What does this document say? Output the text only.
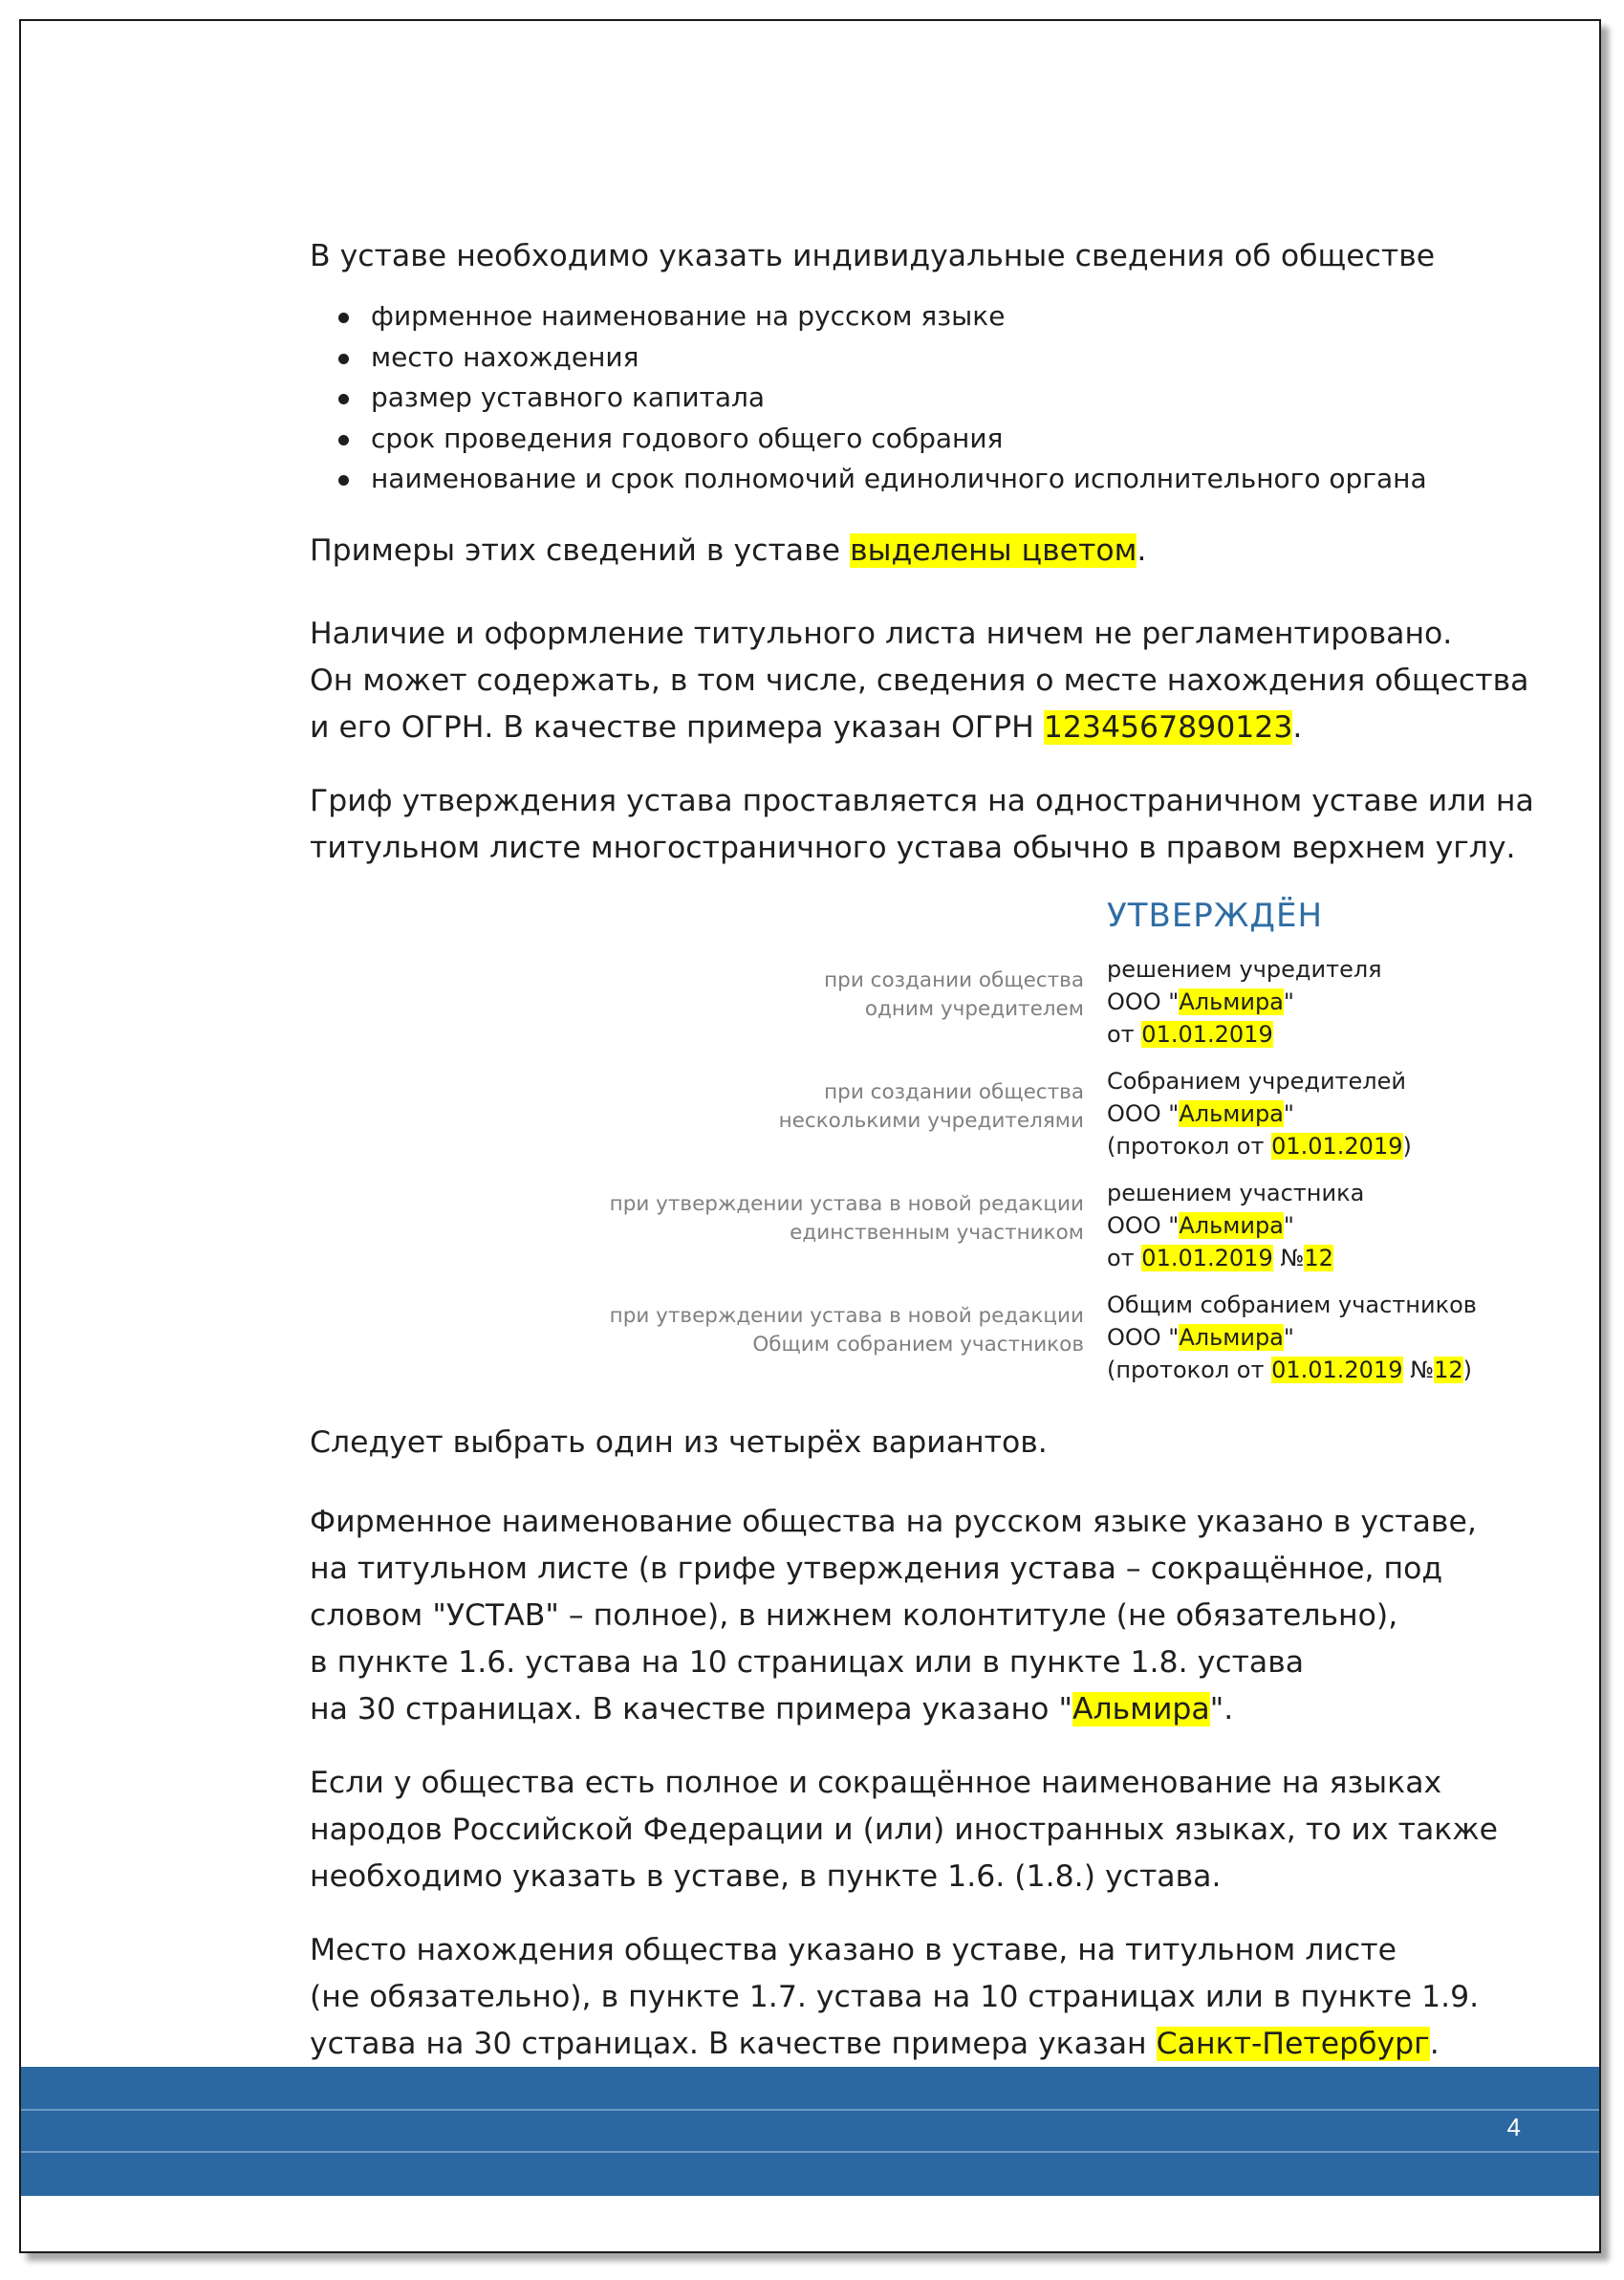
В уставе необходимо указать индивидуальные сведения об обществе

фирменное наименование на русском языке
место нахождения
размер уставного капитала
срок проведения годового общего собрания
наименование и срок полномочий единоличного исполнительного органа

Примеры этих сведений в уставе выделены цветом.

Наличие и оформление титульного листа ничем не регламентировано.

Он может содержать, в том числе, сведения о месте нахождения общества

и его ОГРН. В качестве примера указан ОГРН 1234567890123.

Гриф утверждения устава проставляется на одностраничном уставе или на

титульном листе многостраничного устава обычно в правом верхнем углу.

УТВЕРЖДЁН
при создании общества
одним учредителем
решением учредителя
ООО "Альмира"
от 01.01.2019
при создании общества
несколькими учредителями
Собранием учредителей
ООО "Альмира"
(протокол от 01.01.2019)
при утверждении устава в новой редакции
единственным участником
решением участника
ООО "Альмира"
от 01.01.2019 №12
при утверждении устава в новой редакции
Общим собранием участников
Общим собранием участников
ООО "Альмира"
(протокол от 01.01.2019 №12)

Следует выбрать один из четырёх вариантов.

Фирменное наименование общества на русском языке указано в уставе,

на титульном листе (в грифе утверждения устава – сокращённое, под

словом "УСТАВ" – полное), в нижнем колонтитуле (не обязательно),

в пункте 1.6. устава на 10 страницах или в пункте 1.8. устава

на 30 страницах. В качестве примера указано "Альмира".

Если у общества есть полное и сокращённое наименование на языках

народов Российской Федерации и (или) иностранных языках, то их также

необходимо указать в уставе, в пункте 1.6. (1.8.) устава.

Место нахождения общества указано в уставе, на титульном листе

(не обязательно), в пункте 1.7. устава на 10 страницах или в пункте 1.9.

устава на 30 страницах. В качестве примера указан Санкт-Петербург.

4
